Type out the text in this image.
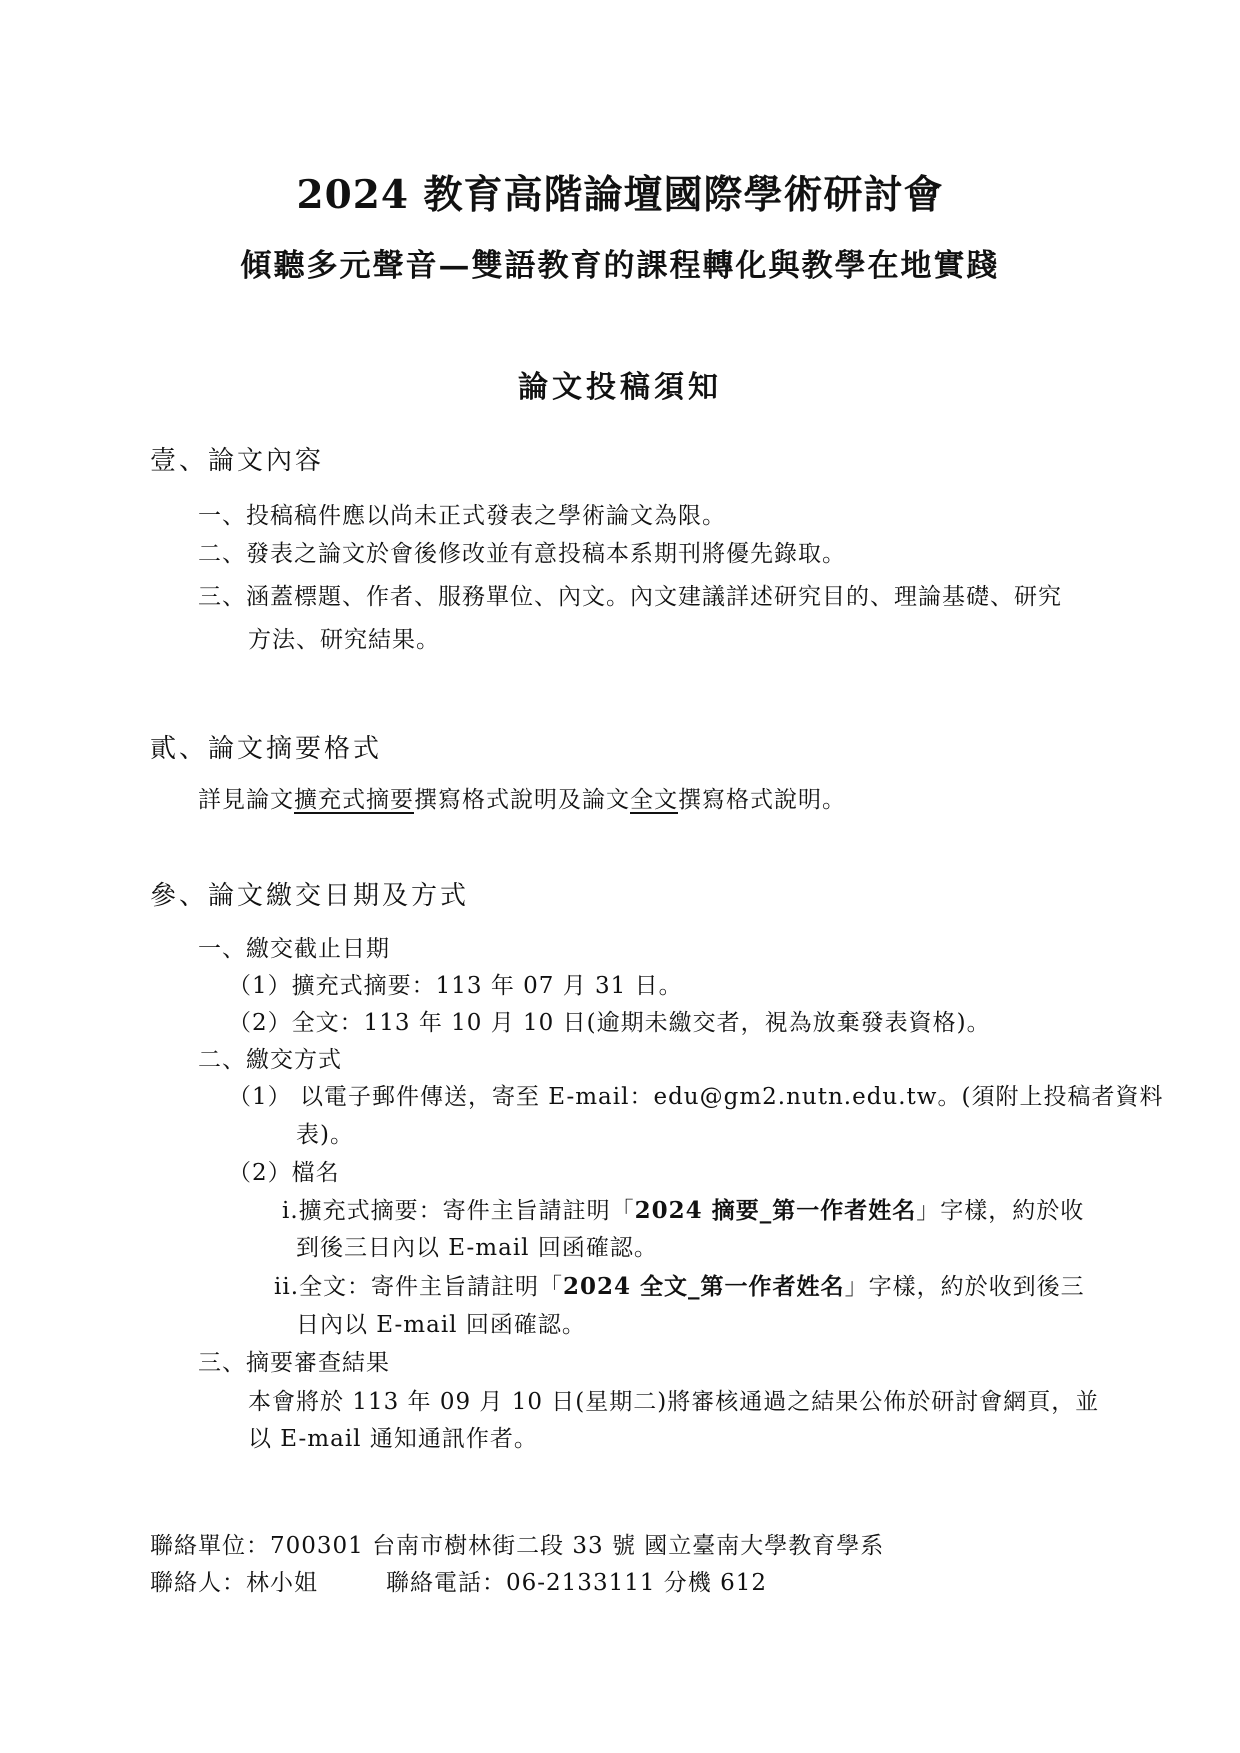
2024 教育高階論壇國際學術研討會
傾聽多元聲音—雙語教育的課程轉化與教學在地實踐
論文投稿須知
壹、論文內容
一、投稿稿件應以尚未正式發表之學術論文為限。
二、發表之論文於會後修改並有意投稿本系期刊將優先錄取。
三、涵蓋標題、作者、服務單位、內文。內文建議詳述研究目的、理論基礎、研究
方法、研究結果。
貳、論文摘要格式
詳見論文擴充式摘要撰寫格式說明及論文全文撰寫格式說明。
參、論文繳交日期及方式
一、繳交截止日期
（1）擴充式摘要：113 年 07 月 31 日。
（2）全文：113 年 10 月 10 日(逾期未繳交者，視為放棄發表資格)。
二、繳交方式
（1） 以電子郵件傳送，寄至 E-mail：edu@gm2.nutn.edu.tw。(須附上投稿者資料
表)。
（2）檔名
i.擴充式摘要：寄件主旨請註明「2024 摘要_第一作者姓名」字樣，約於收
到後三日內以 E-mail 回函確認。
ii.全文：寄件主旨請註明「2024 全文_第一作者姓名」字樣，約於收到後三
日內以 E-mail 回函確認。
三、摘要審查結果
本會將於 113 年 09 月 10 日(星期二)將審核通過之結果公佈於研討會網頁，並
以 E-mail 通知通訊作者。
聯絡單位：700301 台南市樹林街二段 33 號 國立臺南大學教育學系
聯絡人：林小姐	聯絡電話：06-2133111 分機 612
